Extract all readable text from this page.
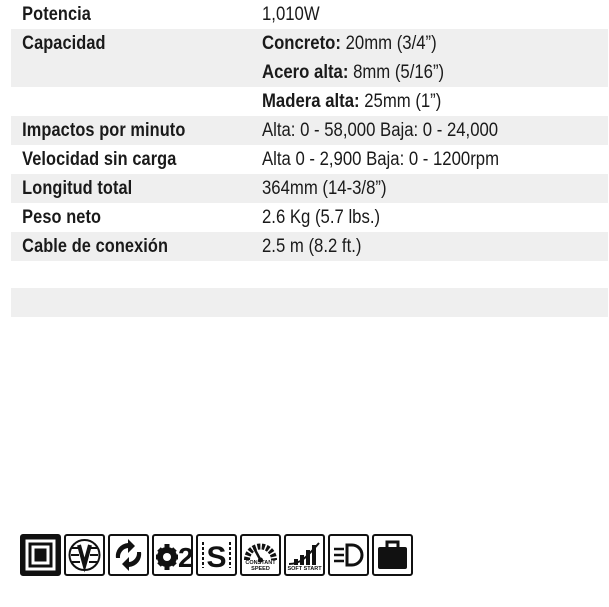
Potencia	1,010W
Capacidad	Concreto: 20mm (3/4”)
Acero alta: 8mm (5/16”)
Madera alta: 25mm (1”)
Impactos por minuto	Alta: 0 - 58,000 Baja: 0 - 24,000
Velocidad sin carga	Alta 0 - 2,900 Baja: 0 - 1200rpm
Longitud total	364mm (14-3/8”)
Peso neto	2.6 Kg (5.7 lbs.)
Cable de conexión	2.5 m (8.2 ft.)
2 S	CONSTANT SPEED	SOFT START
